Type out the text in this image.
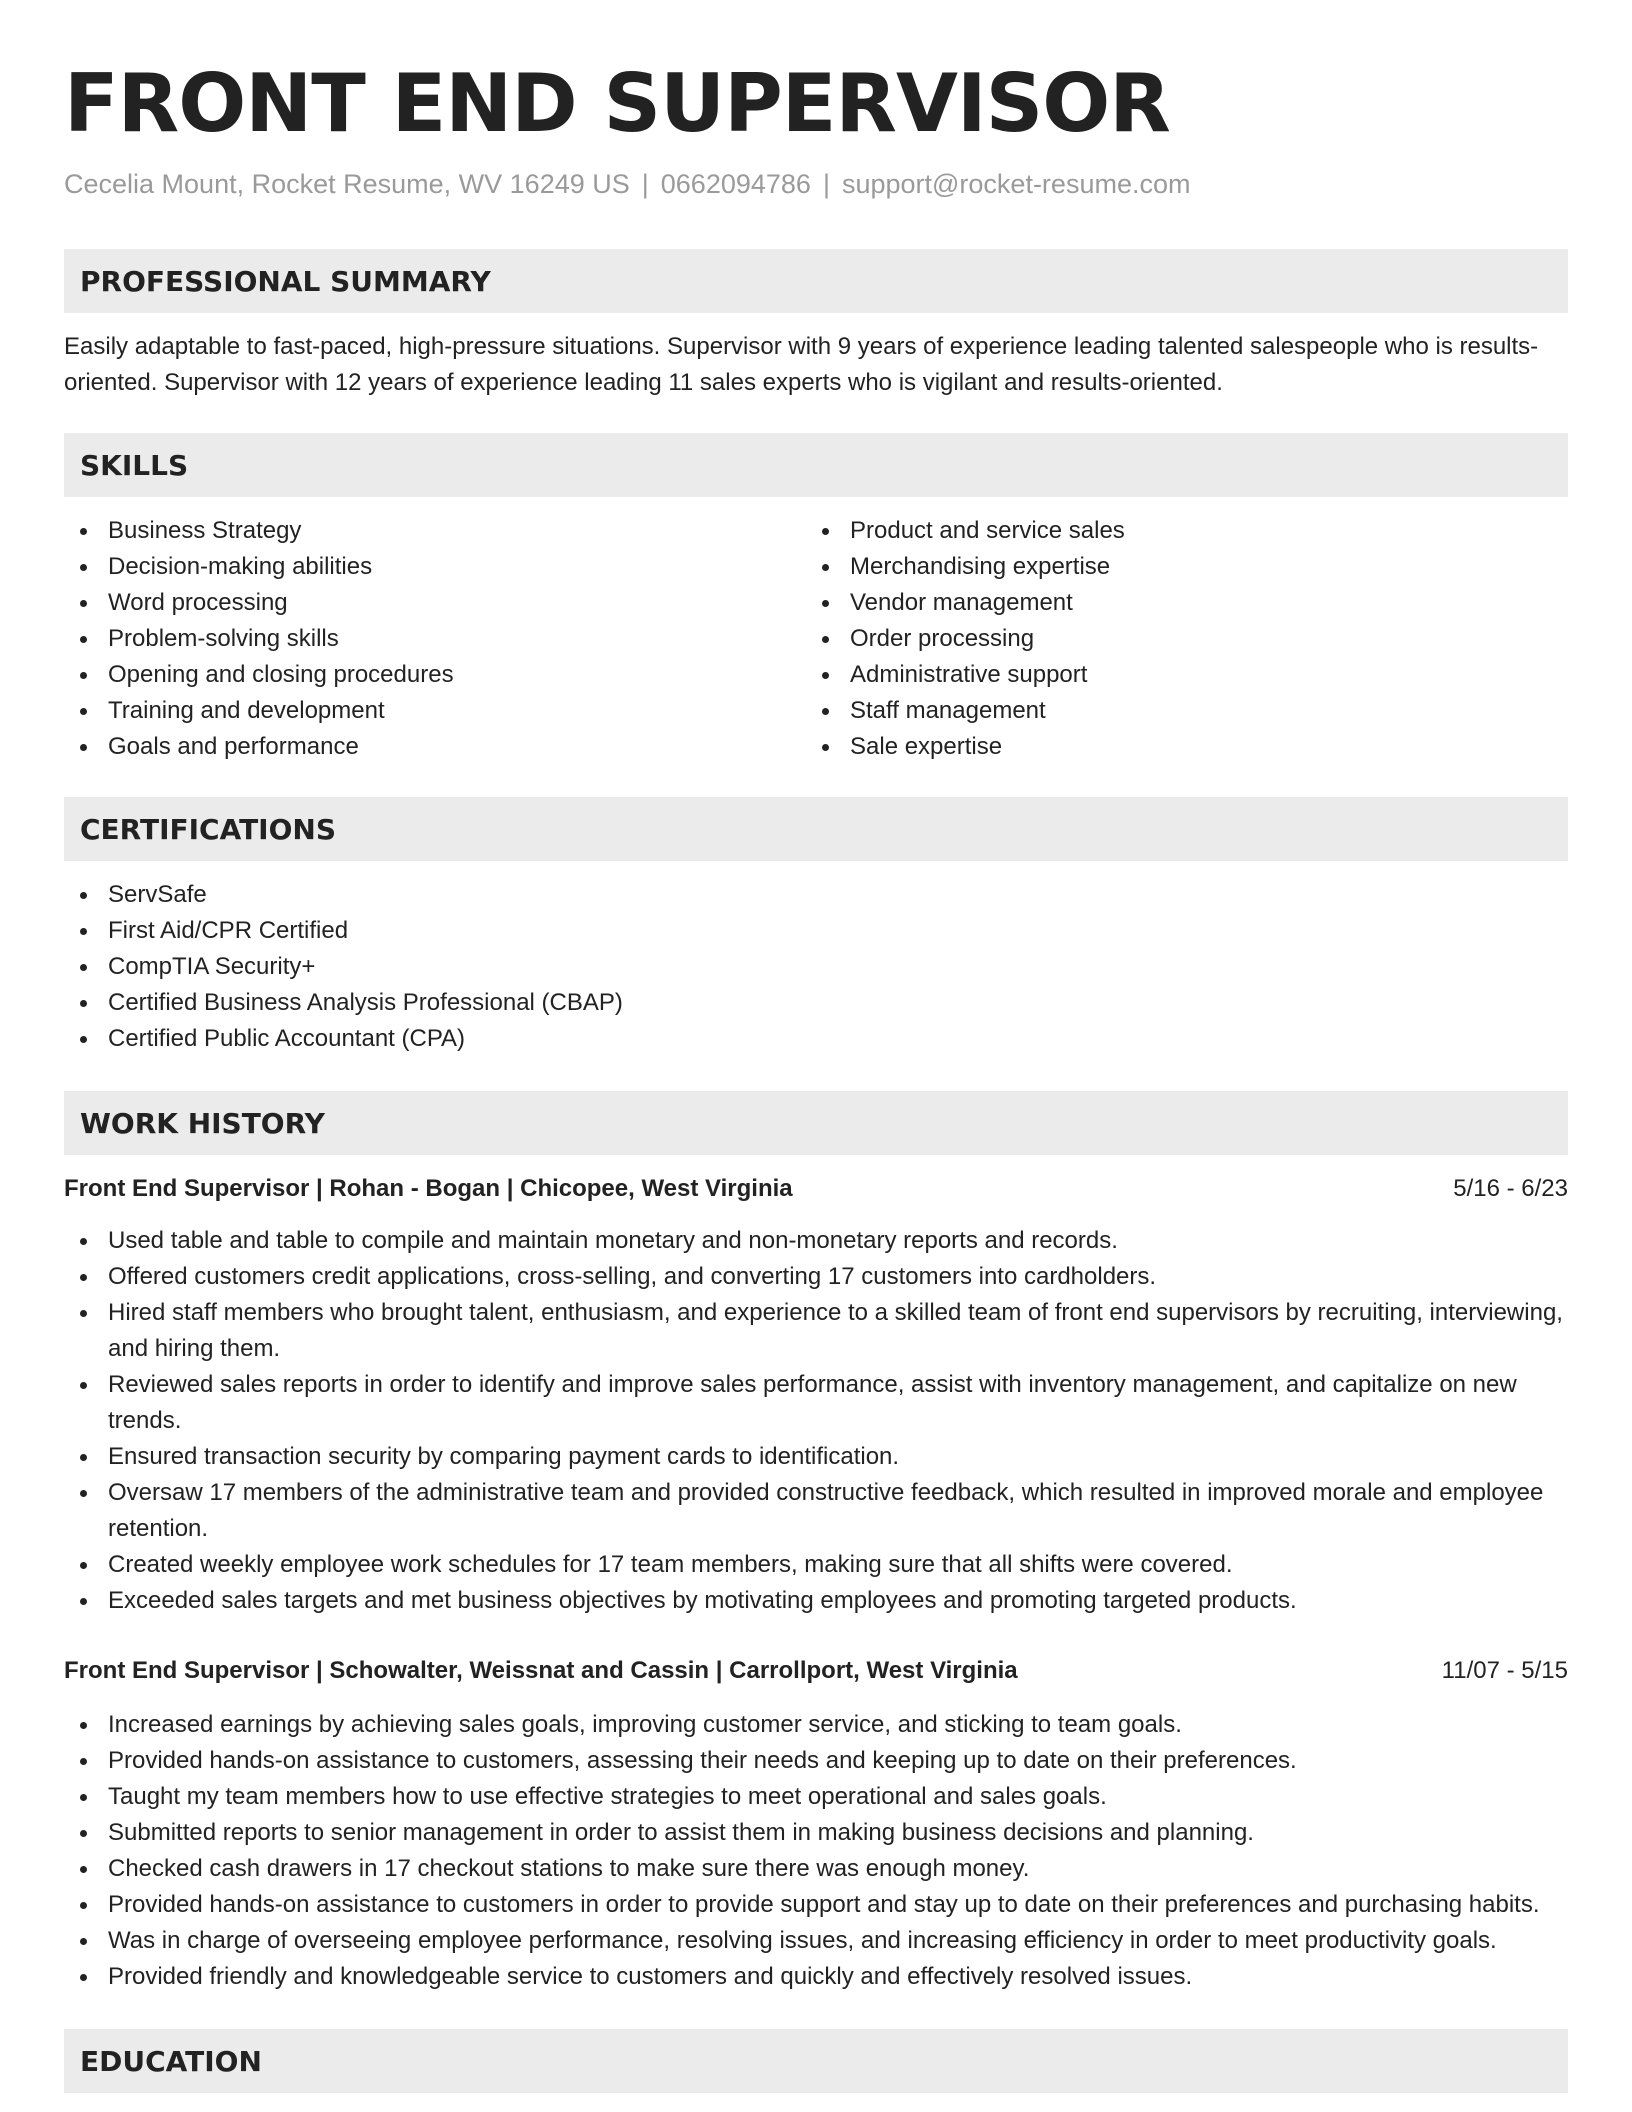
FRONT END SUPERVISOR
Cecelia Mount, Rocket Resume, WV 16249 US | 0662094786 | support@rocket-resume.com
PROFESSIONAL SUMMARY

Easily adaptable to fast-paced, high-pressure situations. Supervisor with 9 years of experience leading talented salespeople who is results-oriented. Supervisor with 12 years of experience leading 11 sales experts who is vigilant and results-oriented.

SKILLS
Business Strategy
Decision-making abilities
Word processing
Problem-solving skills
Opening and closing procedures
Training and development
Goals and performance
Product and service sales
Merchandising expertise
Vendor management
Order processing
Administrative support
Staff management
Sale expertise
CERTIFICATIONS
ServSafe
First Aid/CPR Certified
CompTIA Security+
Certified Business Analysis Professional (CBAP)
Certified Public Accountant (CPA)
WORK HISTORY
Front End Supervisor | Rohan - Bogan | Chicopee, West Virginia	5/16 - 6/23
Used table and table to compile and maintain monetary and non-monetary reports and records.
Offered customers credit applications, cross-selling, and converting 17 customers into cardholders.
Hired staff members who brought talent, enthusiasm, and experience to a skilled team of front end supervisors by recruiting, interviewing, and hiring them.
Reviewed sales reports in order to identify and improve sales performance, assist with inventory management, and capitalize on new trends.
Ensured transaction security by comparing payment cards to identification.
Oversaw 17 members of the administrative team and provided constructive feedback, which resulted in improved morale and employee retention.
Created weekly employee work schedules for 17 team members, making sure that all shifts were covered.
Exceeded sales targets and met business objectives by motivating employees and promoting targeted products.
Front End Supervisor | Schowalter, Weissnat and Cassin | Carrollport, West Virginia	11/07 - 5/15
Increased earnings by achieving sales goals, improving customer service, and sticking to team goals.
Provided hands-on assistance to customers, assessing their needs and keeping up to date on their preferences.
Taught my team members how to use effective strategies to meet operational and sales goals.
Submitted reports to senior management in order to assist them in making business decisions and planning.
Checked cash drawers in 17 checkout stations to make sure there was enough money.
Provided hands-on assistance to customers in order to provide support and stay up to date on their preferences and purchasing habits.
Was in charge of overseeing employee performance, resolving issues, and increasing efficiency in order to meet productivity goals.
Provided friendly and knowledgeable service to customers and quickly and effectively resolved issues.
EDUCATION
